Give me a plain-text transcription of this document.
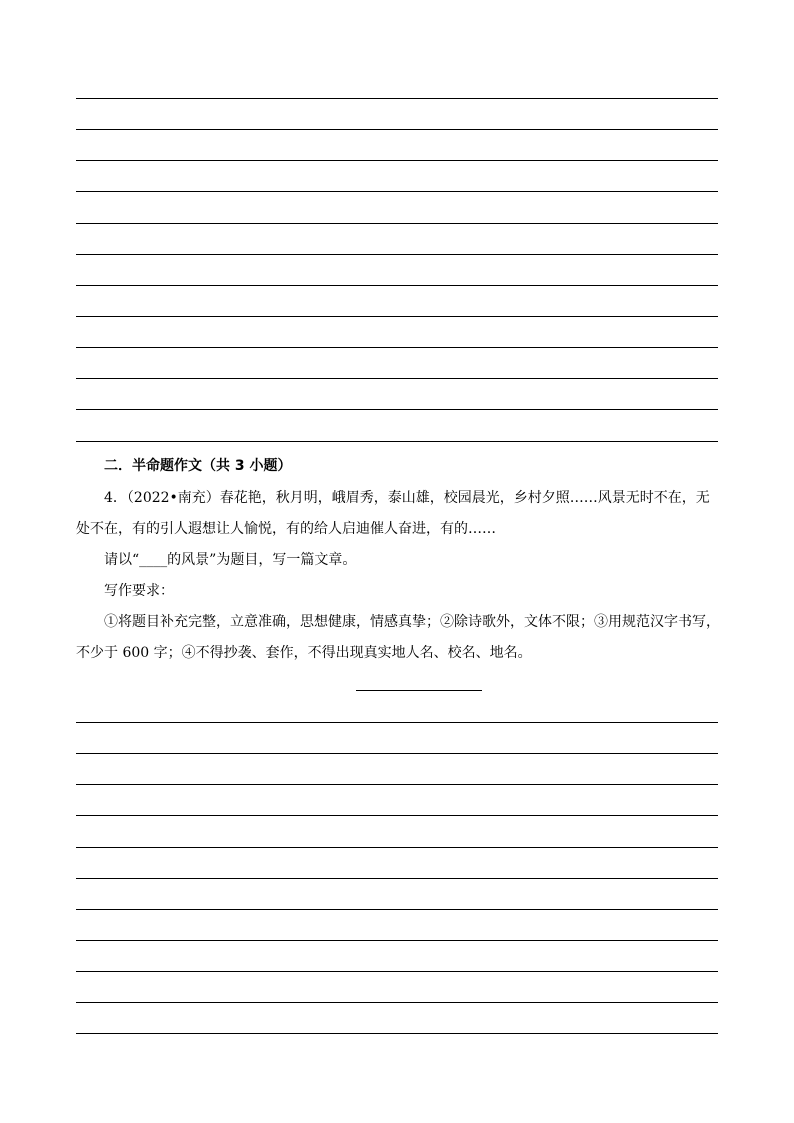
二．半命题作文（共 3 小题）

4．（2022•南充）春花艳，秋月明，峨眉秀，泰山雄，校园晨光，乡村夕照……风景无时不在，无处不在，有的引人遐想让人愉悦，有的给人启迪催人奋进，有的……

请以“____的风景”为题目，写一篇文章。

写作要求：

①将题目补充完整，立意准确，思想健康，情感真挚；②除诗歌外，文体不限；③用规范汉字书写，不少于 600 字；④不得抄袭、套作，不得出现真实地人名、校名、地名。
